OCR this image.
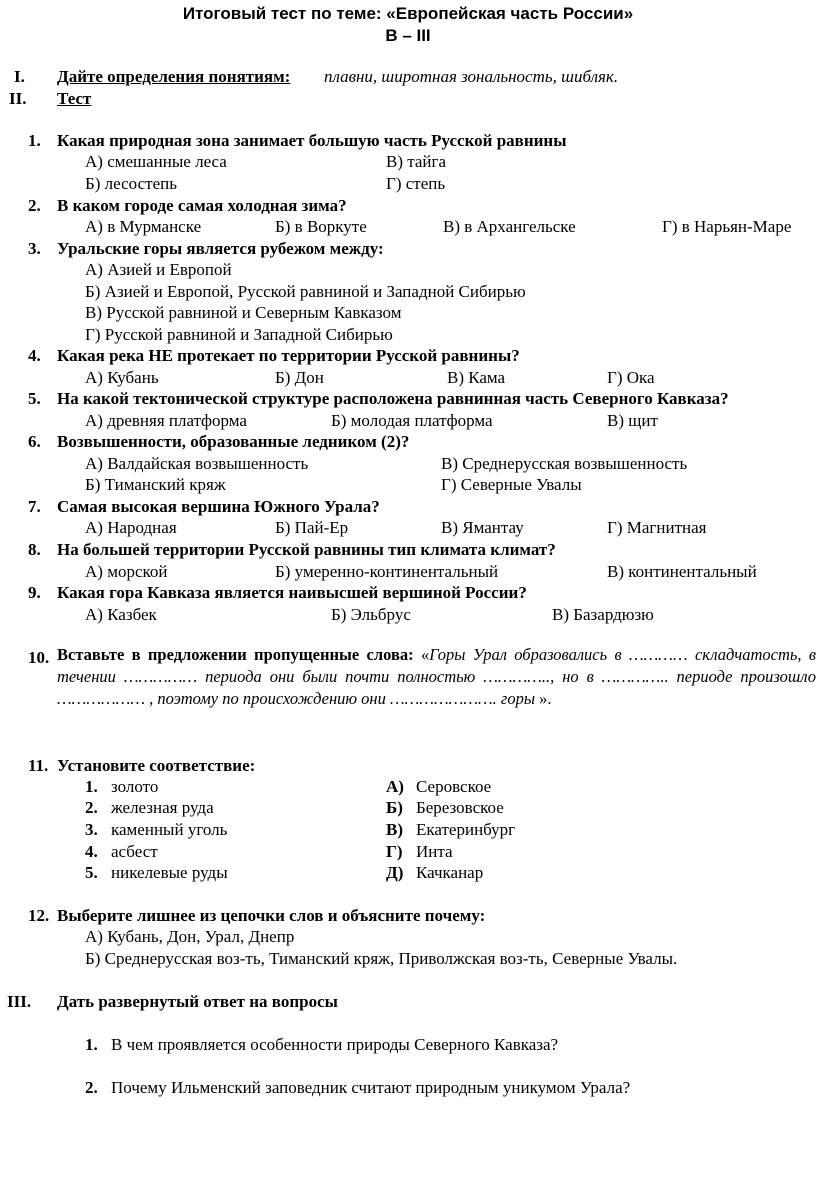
Итоговый тест по теме: «Европейская часть России»
В – III
I. Дайте определения понятиям: плавни, широтная зональность, шибляк.
II. Тест
1. Какая природная зона занимает большую часть Русской равнины
А) смешанные леса	В) тайга
Б) лесостепь	Г) степь
2. В каком городе самая холодная зима?
А) в Мурманске	Б) в Воркуте	В) в Архангельске	Г) в Нарьян-Маре
3. Уральские горы является рубежом между:
А) Азией и Европой
Б) Азией и Европой, Русской равниной и Западной Сибирью
В) Русской равниной и Северным Кавказом
Г) Русской равниной и Западной Сибирью
4. Какая река НЕ протекает по территории Русской равнины?
А) Кубань	Б) Дон	В) Кама	Г) Ока
5. На какой тектонической структуре расположена равнинная часть Северного Кавказа?
А) древняя платформа	Б) молодая платформа	В) щит
6. Возвышенности, образованные ледником (2)?
А) Валдайская возвышенность	В) Среднерусская возвышенность
Б) Тиманский кряж	Г) Северные Увалы
7. Самая высокая вершина Южного Урала?
А) Народная	Б) Пай-Ер	В) Ямантау	Г) Магнитная
8. На большей территории Русской равнины тип климата климат?
А) морской	Б) умеренно-континентальный	В) континентальный
9. Какая гора Кавказа является наивысшей вершиной России?
А) Казбек	Б) Эльбрус	В) Базардюзю
10. Вставьте в предложении пропущенные слова: «Горы Урал образовались в ………… складчатость, в течении …………… периода они были почти полностью ………….., но в ………….. периоде произошло ……………… , поэтому по происхождению они …………………. горы ».
11. Установите соответствие:
1. золото	А) Серовское
2. железная руда	Б) Березовское
3. каменный уголь	В) Екатеринбург
4. асбест	Г) Инта
5. никелевые руды	Д) Качканар
12. Выберите лишнее из цепочки слов и объясните почему:
А) Кубань, Дон, Урал, Днепр
Б) Среднерусская воз-ть, Тиманский кряж, Приволжская воз-ть, Северные Увалы.
III. Дать развернутый ответ на вопросы
1. В чем проявляется особенности природы Северного Кавказа?
2. Почему Ильменский заповедник считают природным уникумом Урала?
